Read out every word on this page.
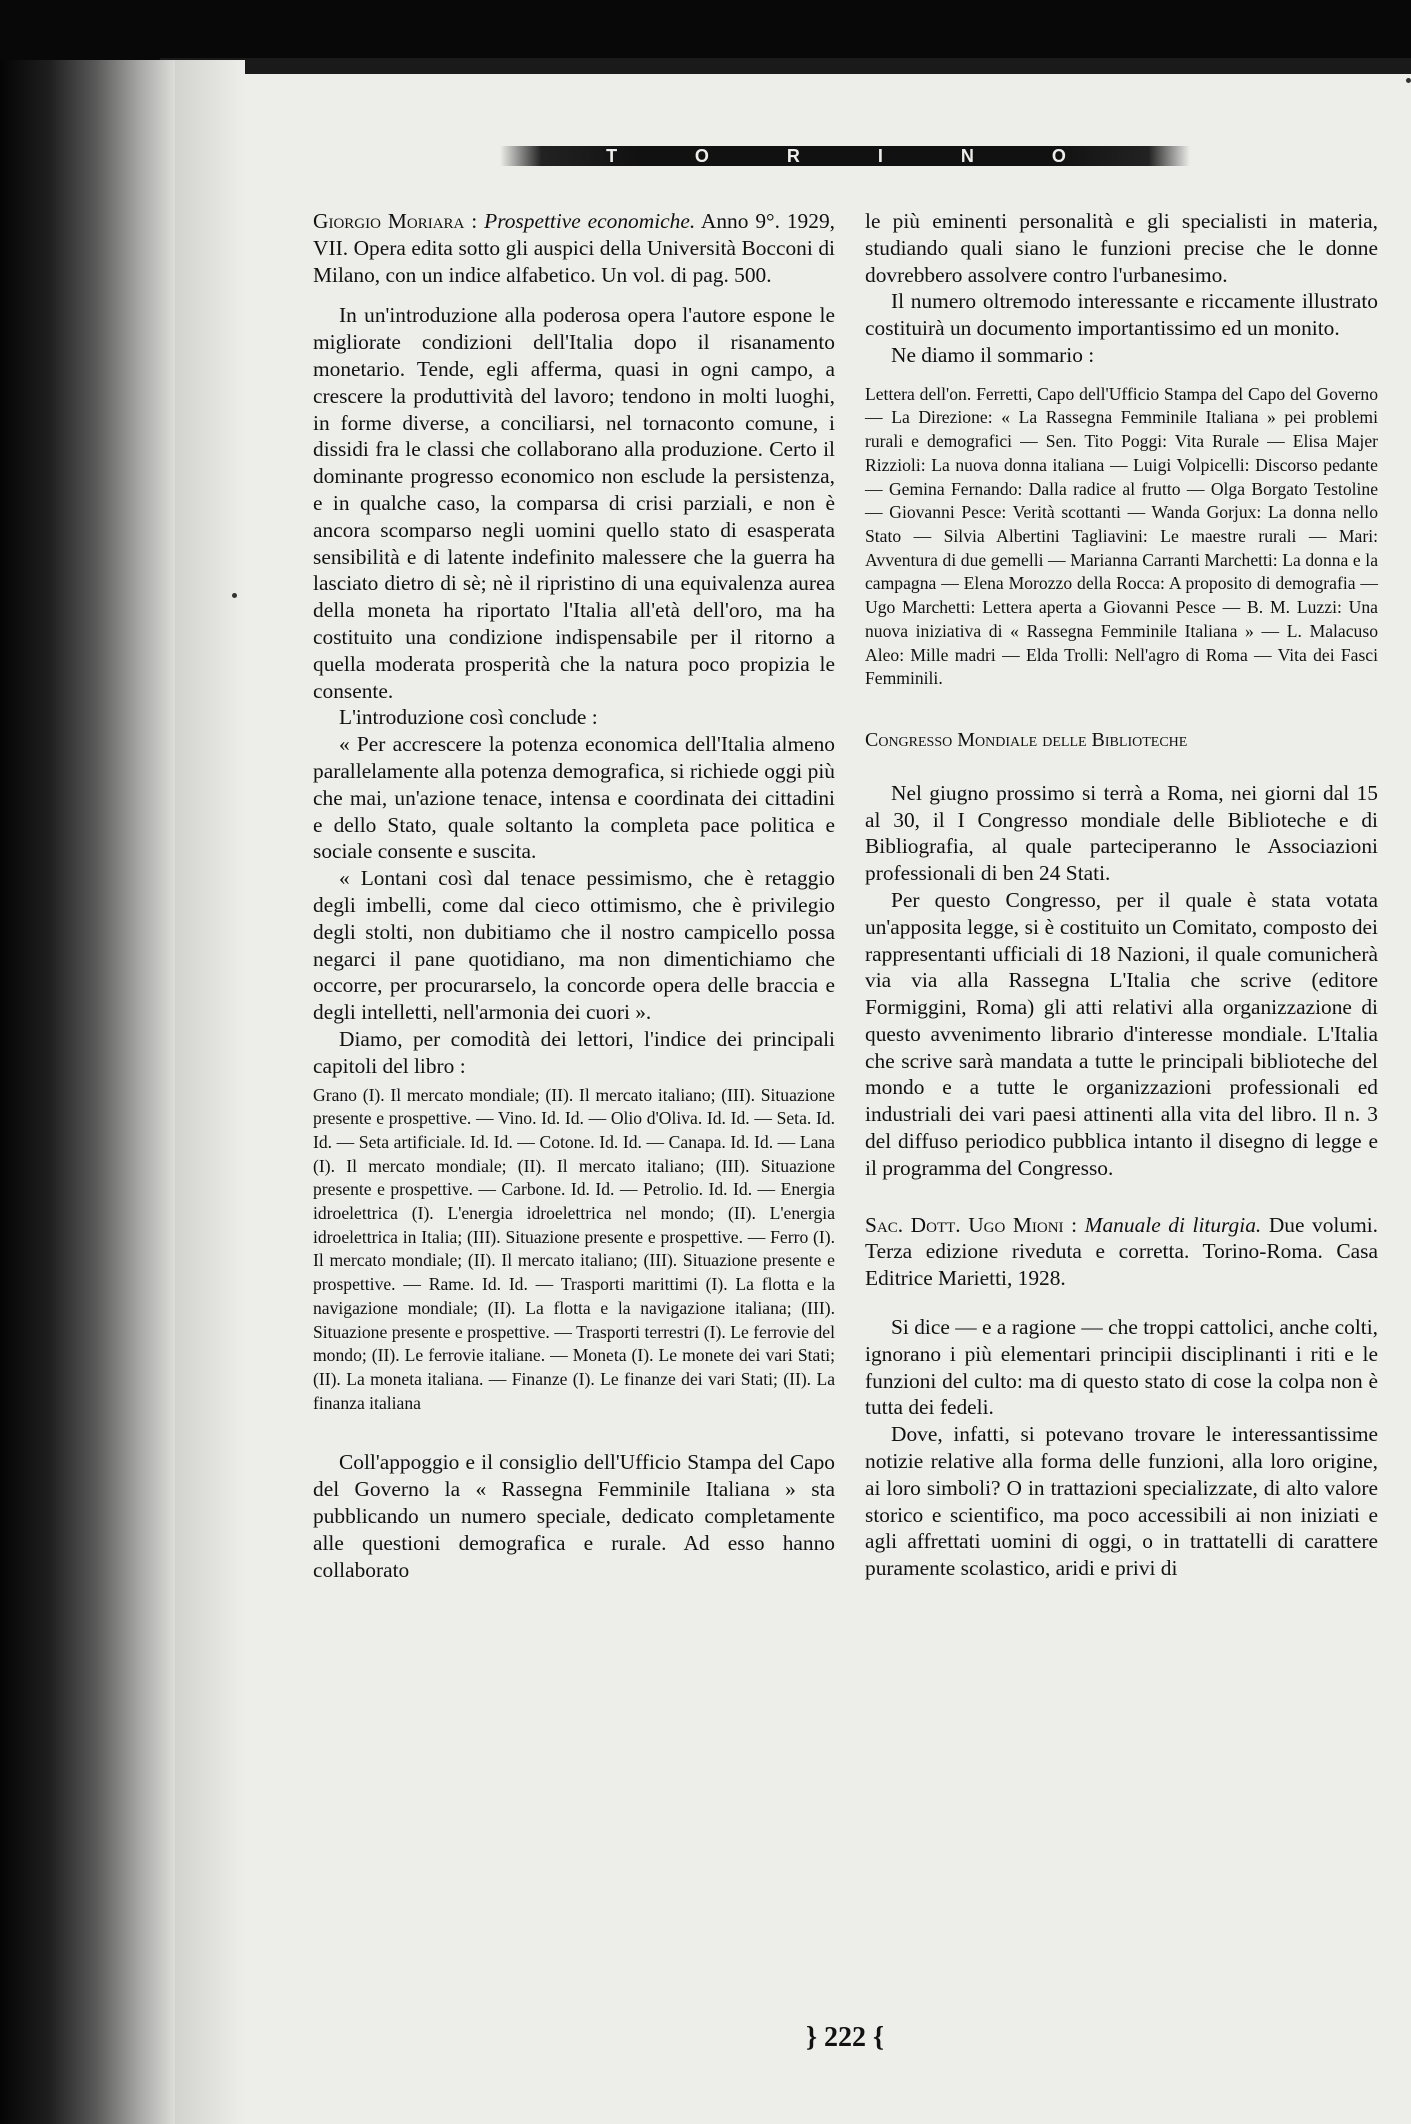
TORINO

Giorgio Moriara : Prospettive economiche. Anno 9°. 1929, VII. Opera edita sotto gli auspici della Università Bocconi di Milano, con un indice alfabetico. Un vol. di pag. 500.

In un'introduzione alla poderosa opera l'autore espone le migliorate condizioni dell'Italia dopo il risanamento monetario. Tende, egli afferma, quasi in ogni campo, a crescere la produttività del lavoro; tendono in molti luoghi, in forme diverse, a conciliarsi, nel tornaconto comune, i dissidi fra le classi che collaborano alla produzione. Certo il dominante progresso economico non esclude la persistenza, e in qualche caso, la comparsa di crisi parziali, e non è ancora scomparso negli uomini quello stato di esasperata sensibilità e di latente indefinito malessere che la guerra ha lasciato dietro di sè; nè il ripristino di una equivalenza aurea della moneta ha riportato l'Italia all'età dell'oro, ma ha costituito una condizione indispensabile per il ritorno a quella moderata prosperità che la natura poco propizia le consente.

L'introduzione così conclude :

« Per accrescere la potenza economica dell'Italia almeno parallelamente alla potenza demografica, si richiede oggi più che mai, un'azione tenace, intensa e coordinata dei cittadini e dello Stato, quale soltanto la completa pace politica e sociale consente e suscita.

« Lontani così dal tenace pessimismo, che è retaggio degli imbelli, come dal cieco ottimismo, che è privilegio degli stolti, non dubitiamo che il nostro campicello possa negarci il pane quotidiano, ma non dimentichiamo che occorre, per procurarselo, la concorde opera delle braccia e degli intelletti, nell'armonia dei cuori ».

Diamo, per comodità dei lettori, l'indice dei principali capitoli del libro :

Grano (I). Il mercato mondiale; (II). Il mercato italiano; (III). Situazione presente e prospettive. — Vino. Id. Id. — Olio d'Oliva. Id. Id. — Seta. Id. Id. — Seta artificiale. Id. Id. — Cotone. Id. Id. — Canapa. Id. Id. — Lana (I). Il mercato mondiale; (II). Il mercato italiano; (III). Situazione presente e prospettive. — Carbone. Id. Id. — Petrolio. Id. Id. — Energia idroelettrica (I). L'energia idroelettrica nel mondo; (II). L'energia idroelettrica in Italia; (III). Situazione presente e prospettive. — Ferro (I). Il mercato mondiale; (II). Il mercato italiano; (III). Situazione presente e prospettive. — Rame. Id. Id. — Trasporti marittimi (I). La flotta e la navigazione mondiale; (II). La flotta e la navigazione italiana; (III). Situazione presente e prospettive. — Trasporti terrestri (I). Le ferrovie del mondo; (II). Le ferrovie italiane. — Moneta (I). Le monete dei vari Stati; (II). La moneta italiana. — Finanze (I). Le finanze dei vari Stati; (II). La finanza italiana

Coll'appoggio e il consiglio dell'Ufficio Stampa del Capo del Governo la « Rassegna Femminile Italiana » sta pubblicando un numero speciale, dedicato completamente alle questioni demografica e rurale. Ad esso hanno collaborato

le più eminenti personalità e gli specialisti in materia, studiando quali siano le funzioni precise che le donne dovrebbero assolvere contro l'urbanesimo.

Il numero oltremodo interessante e riccamente illustrato costituirà un documento importantissimo ed un monito.

Ne diamo il sommario :

Lettera dell'on. Ferretti, Capo dell'Ufficio Stampa del Capo del Governo — La Direzione: « La Rassegna Femminile Italiana » pei problemi rurali e demografici — Sen. Tito Poggi: Vita Rurale — Elisa Majer Rizzioli: La nuova donna italiana — Luigi Volpicelli: Discorso pedante — Gemina Fernando: Dalla radice al frutto — Olga Borgato Testoline — Giovanni Pesce: Verità scottanti — Wanda Gorjux: La donna nello Stato — Silvia Albertini Tagliavini: Le maestre rurali — Mari: Avventura di due gemelli — Marianna Carranti Marchetti: La donna e la campagna — Elena Morozzo della Rocca: A proposito di demografia — Ugo Marchetti: Lettera aperta a Giovanni Pesce — B. M. Luzzi: Una nuova iniziativa di « Rassegna Femminile Italiana » — L. Malacuso Aleo: Mille madri — Elda Trolli: Nell'agro di Roma — Vita dei Fasci Femminili.

Congresso Mondiale delle Biblioteche

Nel giugno prossimo si terrà a Roma, nei giorni dal 15 al 30, il I Congresso mondiale delle Biblioteche e di Bibliografia, al quale parteciperanno le Associazioni professionali di ben 24 Stati.

Per questo Congresso, per il quale è stata votata un'apposita legge, si è costituito un Comitato, composto dei rappresentanti ufficiali di 18 Nazioni, il quale comunicherà via via alla Rassegna L'Italia che scrive (editore Formiggini, Roma) gli atti relativi alla organizzazione di questo avvenimento librario d'interesse mondiale. L'Italia che scrive sarà mandata a tutte le principali biblioteche del mondo e a tutte le organizzazioni professionali ed industriali dei vari paesi attinenti alla vita del libro. Il n. 3 del diffuso periodico pubblica intanto il disegno di legge e il programma del Congresso.

Sac. Dott. Ugo Mioni : Manuale di liturgia. Due volumi. Terza edizione riveduta e corretta. Torino-Roma. Casa Editrice Marietti, 1928.

Si dice — e a ragione — che troppi cattolici, anche colti, ignorano i più elementari principii disciplinanti i riti e le funzioni del culto: ma di questo stato di cose la colpa non è tutta dei fedeli.

Dove, infatti, si potevano trovare le interessantissime notizie relative alla forma delle funzioni, alla loro origine, ai loro simboli? O in trattazioni specializzate, di alto valore storico e scientifico, ma poco accessibili ai non iniziati e agli affrettati uomini di oggi, o in trattatelli di carattere puramente scolastico, aridi e privi di

} 222 {
